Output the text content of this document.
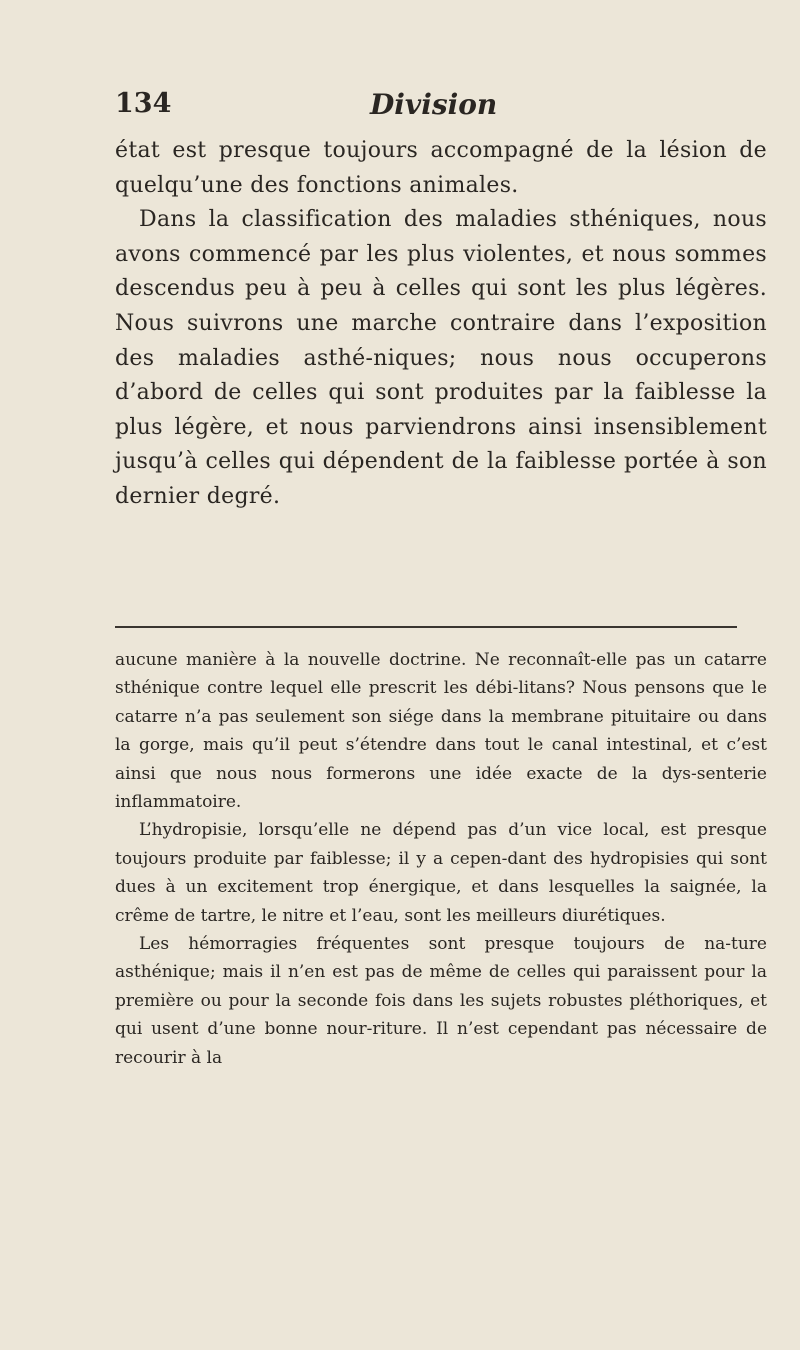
134	Division

état est presque toujours accompagné de la lésion de quelqu’une des fonctions animales.

Dans la classification des maladies sthéniques, nous avons commencé par les plus violentes, et nous sommes descendus peu à peu à celles qui sont les plus légères. Nous suivrons une marche contraire dans l’exposition des maladies asthé-niques; nous nous occuperons d’abord de celles qui sont produites par la faiblesse la plus légère, et nous parviendrons ainsi insensiblement jusqu’à celles qui dépendent de la faiblesse portée à son dernier degré.

aucune manière à la nouvelle doctrine. Ne reconnaît-elle pas un catarre sthénique contre lequel elle prescrit les débi-litans? Nous pensons que le catarre n’a pas seulement son siége dans la membrane pituitaire ou dans la gorge, mais qu’il peut s’étendre dans tout le canal intestinal, et c’est ainsi que nous nous formerons une idée exacte de la dys-senterie inflammatoire.

L’hydropisie, lorsqu’elle ne dépend pas d’un vice local, est presque toujours produite par faiblesse; il y a cepen-dant des hydropisies qui sont dues à un excitement trop énergique, et dans lesquelles la saignée, la crême de tartre, le nitre et l’eau, sont les meilleurs diurétiques.

Les hémorragies fréquentes sont presque toujours de na-ture asthénique; mais il n’en est pas de même de celles qui paraissent pour la première ou pour la seconde fois dans les sujets robustes pléthoriques, et qui usent d’une bonne nour-riture. Il n’est cependant pas nécessaire de recourir à la
